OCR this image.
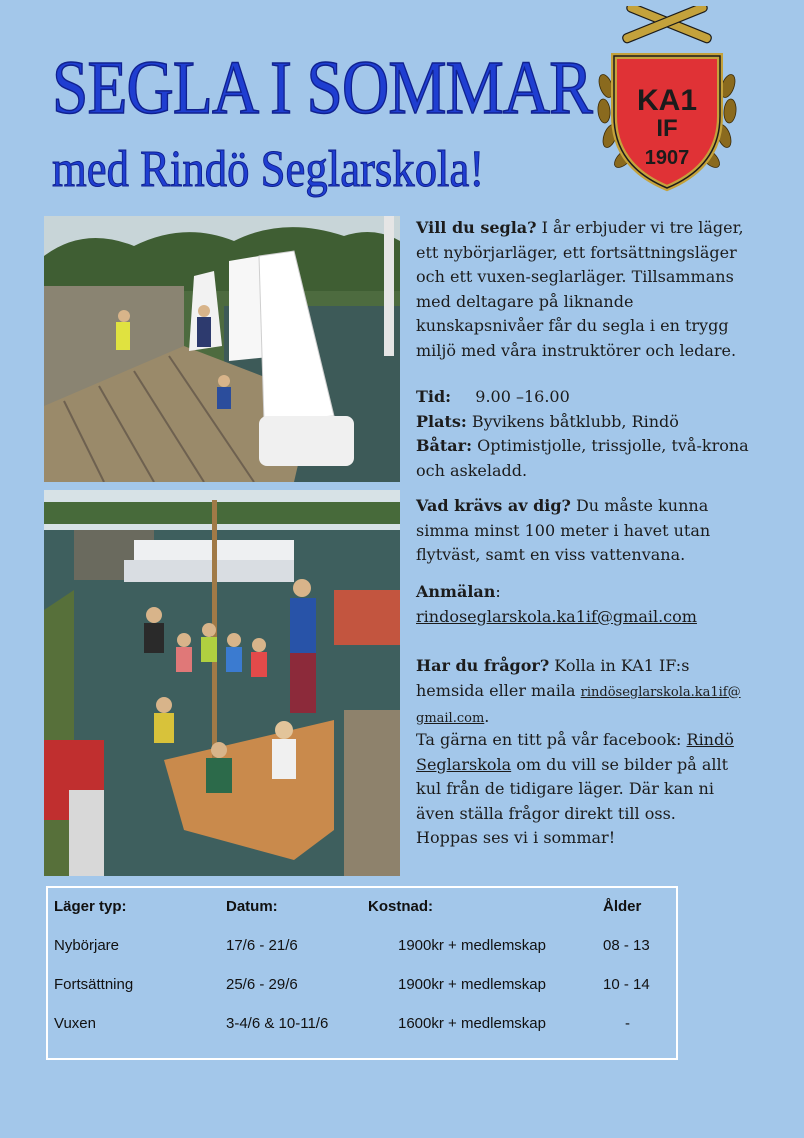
SEGLA I SOMMAR
med Rindö Seglarskola!
KA1
IF
1907
Vill du segla? I år erbjuder vi tre läger, ett nybörjarläger, ett fortsättningsläger och ett vuxen-seglarläger. Tillsammans med deltagare på liknande kunskapsnivåer får du segla i en trygg miljö med våra instruktörer och ledare.
Tid: 9.00 –16.00
Plats: Byvikens båtklubb, Rindö
Båtar: Optimistjolle, trissjolle, två-krona och askeladd.
Vad krävs av dig? Du måste kunna simma minst 100 meter i havet utan flytväst, samt en viss vattenvana.
Anmälan:
rindoseglarskola.ka1if@gmail.com
Har du frågor? Kolla in KA1 IF:s hemsida eller maila rindöseglarskola.ka1if@ gmail.com.
Ta gärna en titt på vår facebook: Rindö Seglarskola om du vill se bilder på allt kul från de tidigare läger. Där kan ni även ställa frågor direkt till oss.
Hoppas ses vi i sommar!
Läger typ:	Datum:	Kostnad:	Ålder
Nybörjare	17/6 - 21/6	1900kr + medlemskap	08 - 13
Fortsättning	25/6 - 29/6	1900kr + medlemskap	10 - 14
Vuxen	3-4/6 & 10-11/6	1600kr + medlemskap	-
